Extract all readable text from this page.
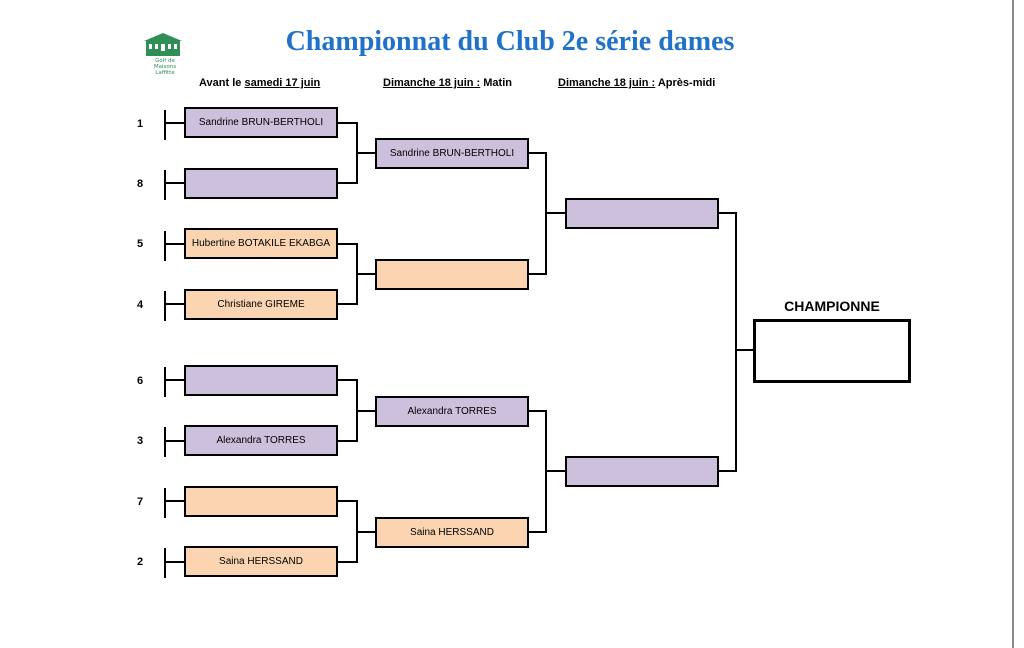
Golf de
Maisons
Laffitte
Championnat du Club 2e série dames
Avant le samedi 17 juin	Dimanche 18 juin : Matin	Dimanche 18 juin : Après-midi
1
8
5
4
6
3
7
2
Sandrine BRUN-BERTHOLI
Hubertine BOTAKILE EKABGA
Christiane GIREME
Alexandra TORRES
Saina HERSSAND
Sandrine BRUN-BERTHOLI
Alexandra TORRES
Saina HERSSAND
CHAMPIONNE
